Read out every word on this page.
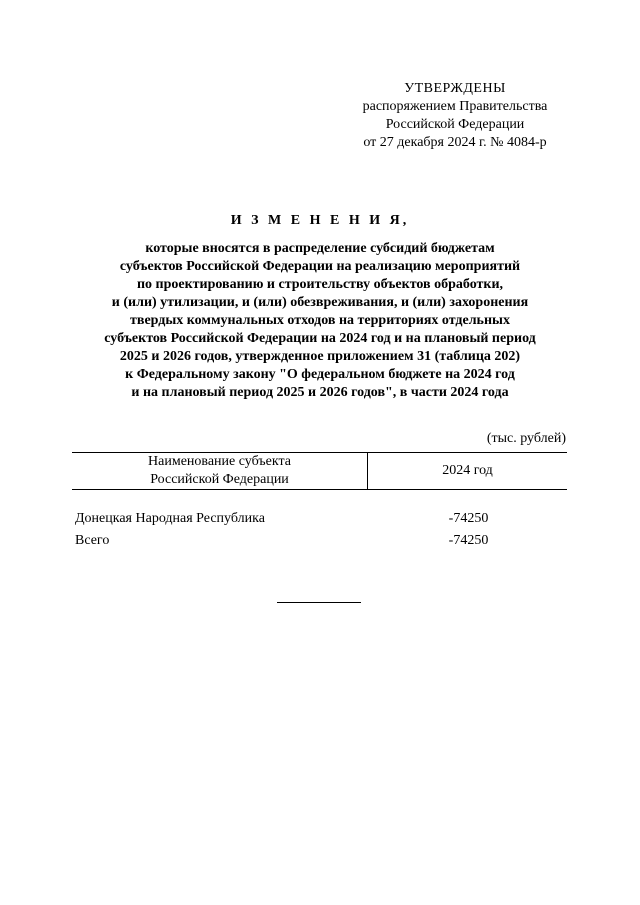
УТВЕРЖДЕНЫ
распоряжением Правительства
Российской Федерации
от 27 декабря 2024 г. № 4084-р
И З М Е Н Е Н И Я,
которые вносятся в распределение субсидий бюджетам
субъектов Российской Федерации на реализацию мероприятий
по проектированию и строительству объектов обработки,
и (или) утилизации, и (или) обезвреживания, и (или) захоронения
твердых коммунальных отходов на территориях отдельных
субъектов Российской Федерации на 2024 год и на плановый период
2025 и 2026 годов, утвержденное приложением 31 (таблица 202)
к Федеральному закону "О федеральном бюджете на 2024 год
и на плановый период 2025 и 2026 годов", в части 2024 года
(тыс. рублей)
Наименование субъекта
Российской Федерации
2024 год
Донецкая Народная Республика	-74250
Всего	-74250
